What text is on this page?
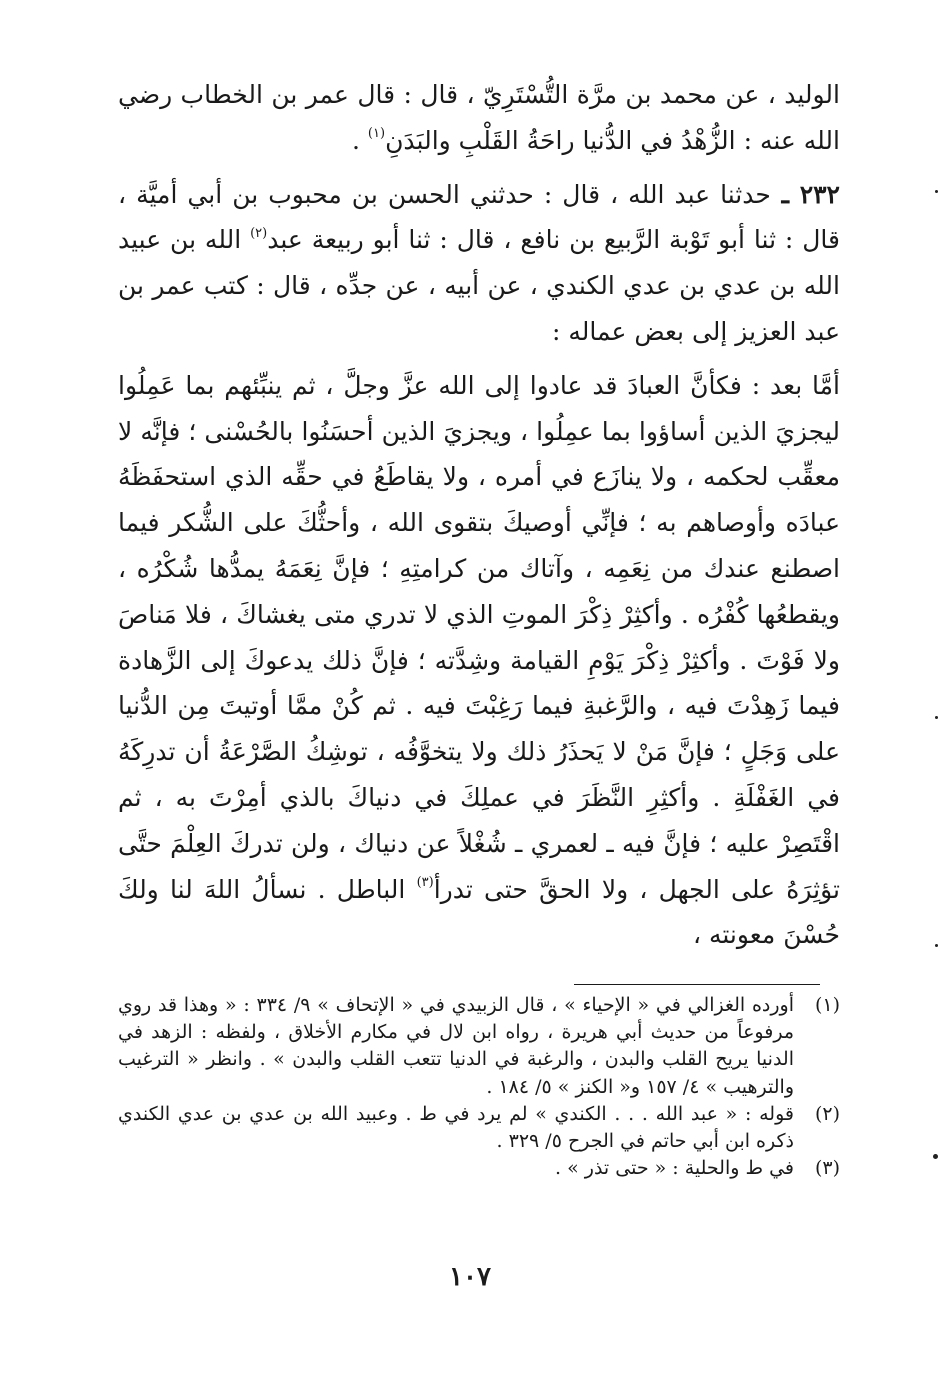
الوليد ، عن محمد بن مرَّة التُّسْتَرِيّ ، قال : قال عمر بن الخطاب رضي الله عنه : الزُّهْدُ في الدُّنيا راحَةُ القَلْبِ والبَدَنِ$^{(١)}$ .

٢٣٢ ـ حدثنا عبد الله ، قال : حدثني الحسن بن محبوب بن أبي أميَّة ، قال : ثنا أبو تَوْبة الرَّبيع بن نافع ، قال : ثنا أبو ربيعة عبد$^{(٢)}$ الله بن عبيد الله بن عدي بن عدي الكندي ، عن أبيه ، عن جدِّه ، قال : كتب عمر بن عبد العزيز إلى بعض عماله :

أمَّا بعد : فكأنَّ العبادَ قد عادوا إلى الله عزَّ وجلَّ ، ثم ينبِّئهم بما عَمِلُوا ليجزيَ الذين أساؤوا بما عمِلُوا ، ويجزيَ الذين أحسَنُوا بالحُسْنى ؛ فإنَّه لا معقِّب لحكمه ، ولا ينازَع في أمره ، ولا يقاطَعُ في حقِّه الذي استحفَظَهُ عبادَه وأوصاهم به ؛ فإنِّي أوصيكَ بتقوى الله ، وأحثُّكَ على الشُّكر فيما اصطنع عندك من نِعَمِه ، وآتاك من كرامتِهِ ؛ فإنَّ نِعَمَهُ يمدُّها شُكْرُه ، ويقطعُها كُفْرُه . وأكثِرْ ذِكْرَ الموتِ الذي لا تدري متى يغشاكَ ، فلا مَناصَ ولا فَوْتَ . وأكثِرْ ذِكْرَ يَوْمِ القيامة وشِدَّته ؛ فإنَّ ذلك يدعوكَ إلى الزَّهادة فيما زَهِدْتَ فيه ، والرَّغبةِ فيما رَغِبْتَ فيه . ثم كُنْ ممَّا أوتيتَ مِن الدُّنيا على وَجَلٍ ؛ فإنَّ مَنْ لا يَحذَرُ ذلك ولا يتخوَّفُه ، توشِكُ الصَّرْعَةُ أن تدرِكَهُ في الغَفْلَةِ . وأكثِرِ النَّظَرَ في عملِكَ في دنياكَ بالذي أمِرْتَ به ، ثم اقْتَصِرْ عليه ؛ فإنَّ فيه ـ لعمري ـ شُغْلاً عن دنياك ، ولن تدركَ العِلْمَ حتَّى تؤثِرَهُ على الجهل ، ولا الحقَّ حتى تدرأ$^{(٣)}$ الباطل . نسألُ اللهَ لنا ولكَ حُسْنَ معونته ،

(١)
أورده الغزالي في « الإحياء » ، قال الزبيدي في « الإتحاف » ٩/ ٣٣٤ : « وهذا قد روي مرفوعاً من حديث أبي هريرة ، رواه ابن لال في مكارم الأخلاق ، ولفظه : الزهد في الدنيا يريح القلب والبدن ، والرغبة في الدنيا تتعب القلب والبدن » . وانظر « الترغيب والترهيب » ٤/ ١٥٧ و« الكنز » ٥/ ١٨٤ .
(٢)
قوله : « عبد الله . . . الكندي » لم يرد في ط . وعبيد الله بن عدي بن عدي الكندي ذكره ابن أبي حاتم في الجرح ٥/ ٣٢٩ .
(٣)
في ط والحلية : « حتى تذر » .
١٠٧
